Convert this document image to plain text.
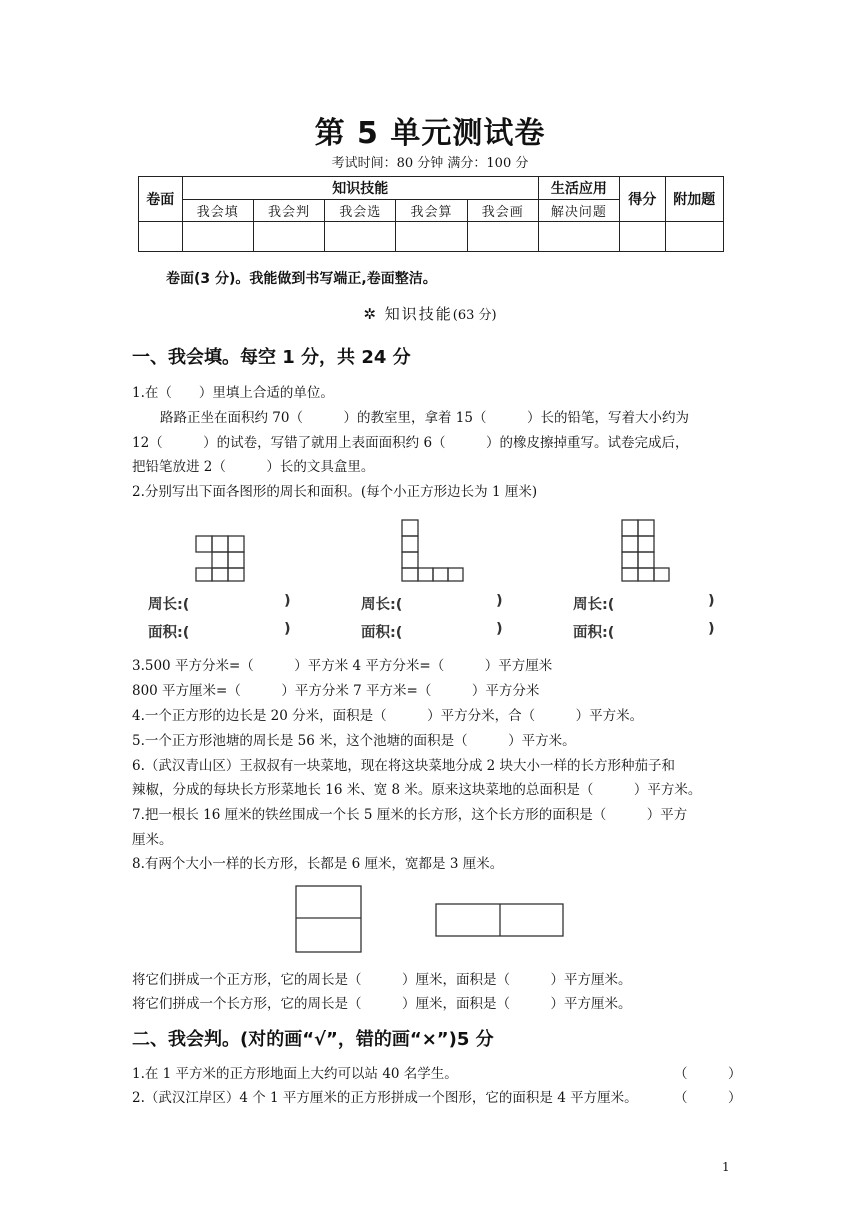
第 5 单元测试卷
考试时间：80 分钟 满分：100 分
卷面	知识技能					生活应用	得分	附加题
	我会填	我会判	我会选	我会算	我会画	解决问题		

卷面(3 分)。我能做到书写端正,卷面整洁。
✲ 知识技能(63 分)
一、我会填。每空 1 分，共 24 分
1.在（　　）里填上合适的单位。
路路正坐在面积约 70（　　　）的教室里，拿着 15（　　　）长的铅笔，写着大小约为
12（　　　）的试卷，写错了就用上表面面积约 6（　　　）的橡皮擦掉重写。试卷完成后，
把铅笔放进 2（　　　）长的文具盒里。
2.分别写出下面各图形的周长和面积。(每个小正方形边长为 1 厘米)
周长:(	)
面积:(	)
周长:(	)
面积:(	)
周长:(	)
面积:(	)
3.500 平方分米=（　　　）平方米 4 平方分米=（　　　）平方厘米
800 平方厘米=（　　　）平方分米 7 平方米=（　　　）平方分米
4.一个正方形的边长是 20 分米，面积是（　　　）平方分米，合（　　　）平方米。
5.一个正方形池塘的周长是 56 米，这个池塘的面积是（　　　）平方米。
6.（武汉青山区）王叔叔有一块菜地，现在将这块菜地分成 2 块大小一样的长方形种茄子和
辣椒，分成的每块长方形菜地长 16 米、宽 8 米。原来这块菜地的总面积是（　　　）平方米。
7.把一根长 16 厘米的铁丝围成一个长 5 厘米的长方形，这个长方形的面积是（　　　）平方
厘米。
8.有两个大小一样的长方形，长都是 6 厘米，宽都是 3 厘米。
将它们拼成一个正方形，它的周长是（　　　）厘米，面积是（　　　）平方厘米。
将它们拼成一个长方形，它的周长是（　　　）厘米，面积是（　　　）平方厘米。
二、我会判。(对的画“√”，错的画“×”)5 分
1.在 1 平方米的正方形地面上大约可以站 40 名学生。	（　　　）
2.（武汉江岸区）4 个 1 平方厘米的正方形拼成一个图形，它的面积是 4 平方厘米。	（　　　）
1
